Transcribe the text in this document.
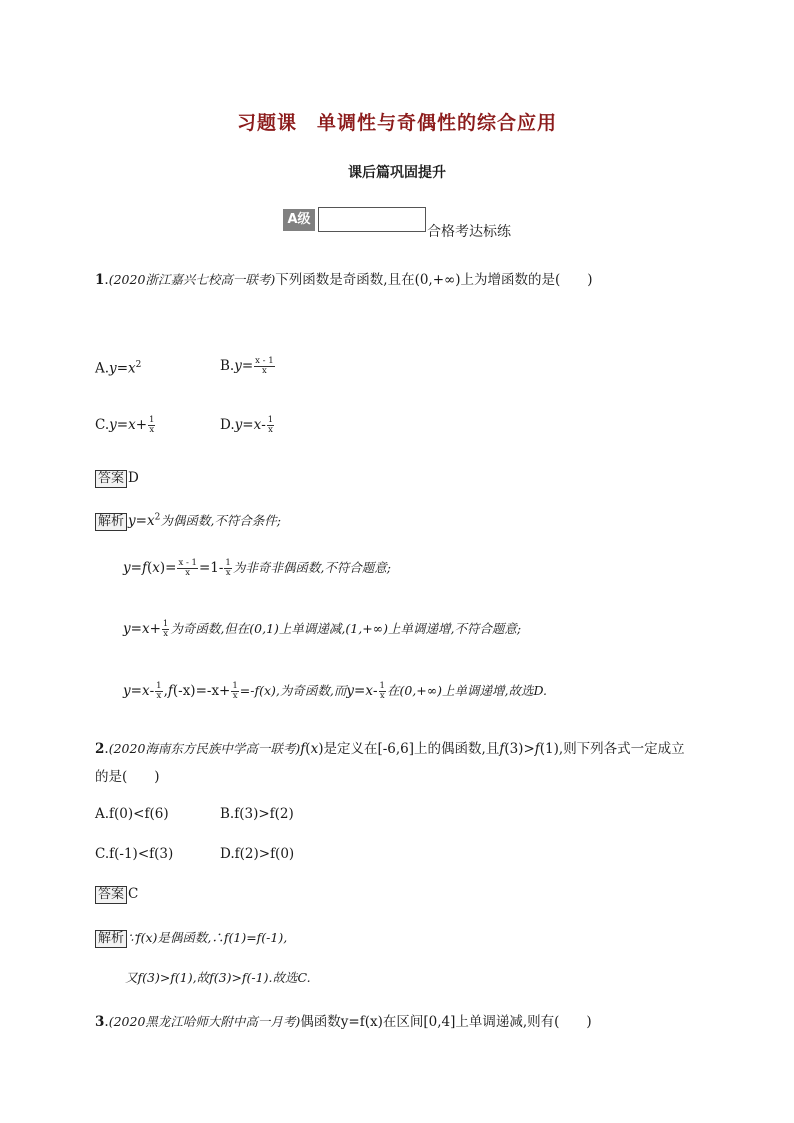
习题课　单调性与奇偶性的综合应用
课后篇巩固提升
A级
合格考达标练
1.(2020浙江嘉兴七校高一联考)下列函数是奇函数,且在(0,+∞)上为增函数的是(　　)
$A.y=x^2$	$B.y= \frac{x - 1}{x}$
$C.y=x+ \frac{1}{x}$	$D.y=x- \frac{1}{x}$
答案 D
解析 $y=x^2$为偶函数,不符合条件;
$y=f(x)= \frac{x - 1}{x} =1- \frac{1}{x}$ 为非奇非偶函数,不符合题意;
$y=x+ \frac{1}{x}$ 为奇函数,但在(0,1)上单调递减,(1,+∞)上单调递增,不符合题意;
$y=x- \frac{1}{x} ,f(-x)=-x+ \frac{1}{x} =-f(x)$,为奇函数,而$y=x- \frac{1}{x}$ 在(0,+∞)上单调递增,故选D.
2.(2020海南东方民族中学高一联考)f(x)是定义在[-6,6]上的偶函数,且f(3)>f(1),则下列各式一定成立
的是(　　)
A.f(0)<f(6)	B.f(3)>f(2)
C.f(-1)<f(3)	D.f(2)>f(0)
答案 C
解析 ∵f(x)是偶函数,∴f(1)=f(-1),
又f(3)>f(1),故f(3)>f(-1).故选C.
3.(2020黑龙江哈师大附中高一月考)偶函数y=f(x)在区间[0,4]上单调递减,则有(　　)
